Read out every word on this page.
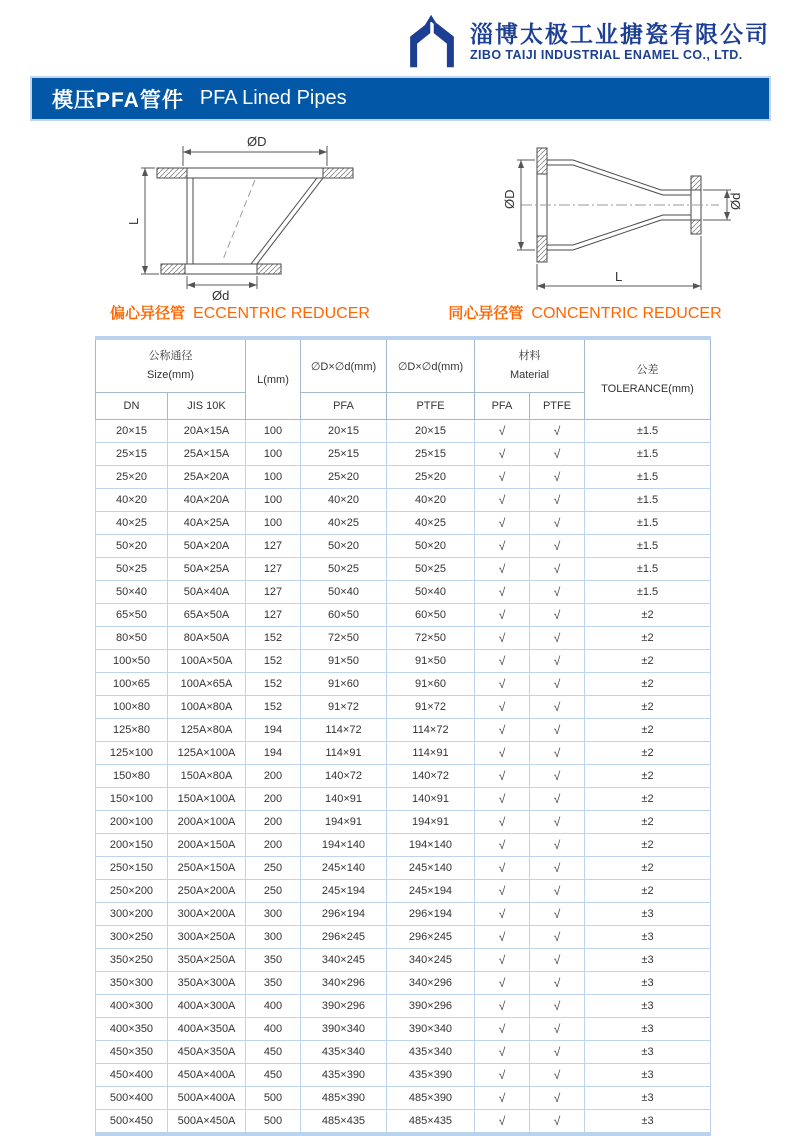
淄博太极工业搪瓷有限公司
ZIBO TAIJI INDUSTRIAL ENAMEL CO., LTD.
模压PFA管件 PFA Lined Pipes
ØD
L
Ød
ØD	Ød
L
偏心异径管 ECCENTRIC REDUCER	同心异径管 CONCENTRIC REDUCER
公称通径
Size(mm)	L(mm)	∅D×∅d(mm)	∅D×∅d(mm)	
材料
Material	公差
TOLERANCE(mm)

DN	JIS 10K		PFA	PTFE	PFA	PTFE	
20×15	20A×15A	100	20×15	20×15	√	√	±1.5
25×15	25A×15A	100	25×15	25×15	√	√	±1.5
25×20	25A×20A	100	25×20	25×20	√	√	±1.5
40×20	40A×20A	100	40×20	40×20	√	√	±1.5
40×25	40A×25A	100	40×25	40×25	√	√	±1.5
50×20	50A×20A	127	50×20	50×20	√	√	±1.5
50×25	50A×25A	127	50×25	50×25	√	√	±1.5
50×40	50A×40A	127	50×40	50×40	√	√	±1.5
65×50	65A×50A	127	60×50	60×50	√	√	±2
80×50	80A×50A	152	72×50	72×50	√	√	±2
100×50	100A×50A	152	91×50	91×50	√	√	±2
100×65	100A×65A	152	91×60	91×60	√	√	±2
100×80	100A×80A	152	91×72	91×72	√	√	±2
125×80	125A×80A	194	114×72	114×72	√	√	±2
125×100	125A×100A	194	114×91	114×91	√	√	±2
150×80	150A×80A	200	140×72	140×72	√	√	±2
150×100	150A×100A	200	140×91	140×91	√	√	±2
200×100	200A×100A	200	194×91	194×91	√	√	±2
200×150	200A×150A	200	194×140	194×140	√	√	±2
250×150	250A×150A	250	245×140	245×140	√	√	±2
250×200	250A×200A	250	245×194	245×194	√	√	±2
300×200	300A×200A	300	296×194	296×194	√	√	±3
300×250	300A×250A	300	296×245	296×245	√	√	±3
350×250	350A×250A	350	340×245	340×245	√	√	±3
350×300	350A×300A	350	340×296	340×296	√	√	±3
400×300	400A×300A	400	390×296	390×296	√	√	±3
400×350	400A×350A	400	390×340	390×340	√	√	±3
450×350	450A×350A	450	435×340	435×340	√	√	±3
450×400	450A×400A	450	435×390	435×390	√	√	±3
500×400	500A×400A	500	485×390	485×390	√	√	±3
500×450	500A×450A	500	485×435	485×435	√	√	±3
